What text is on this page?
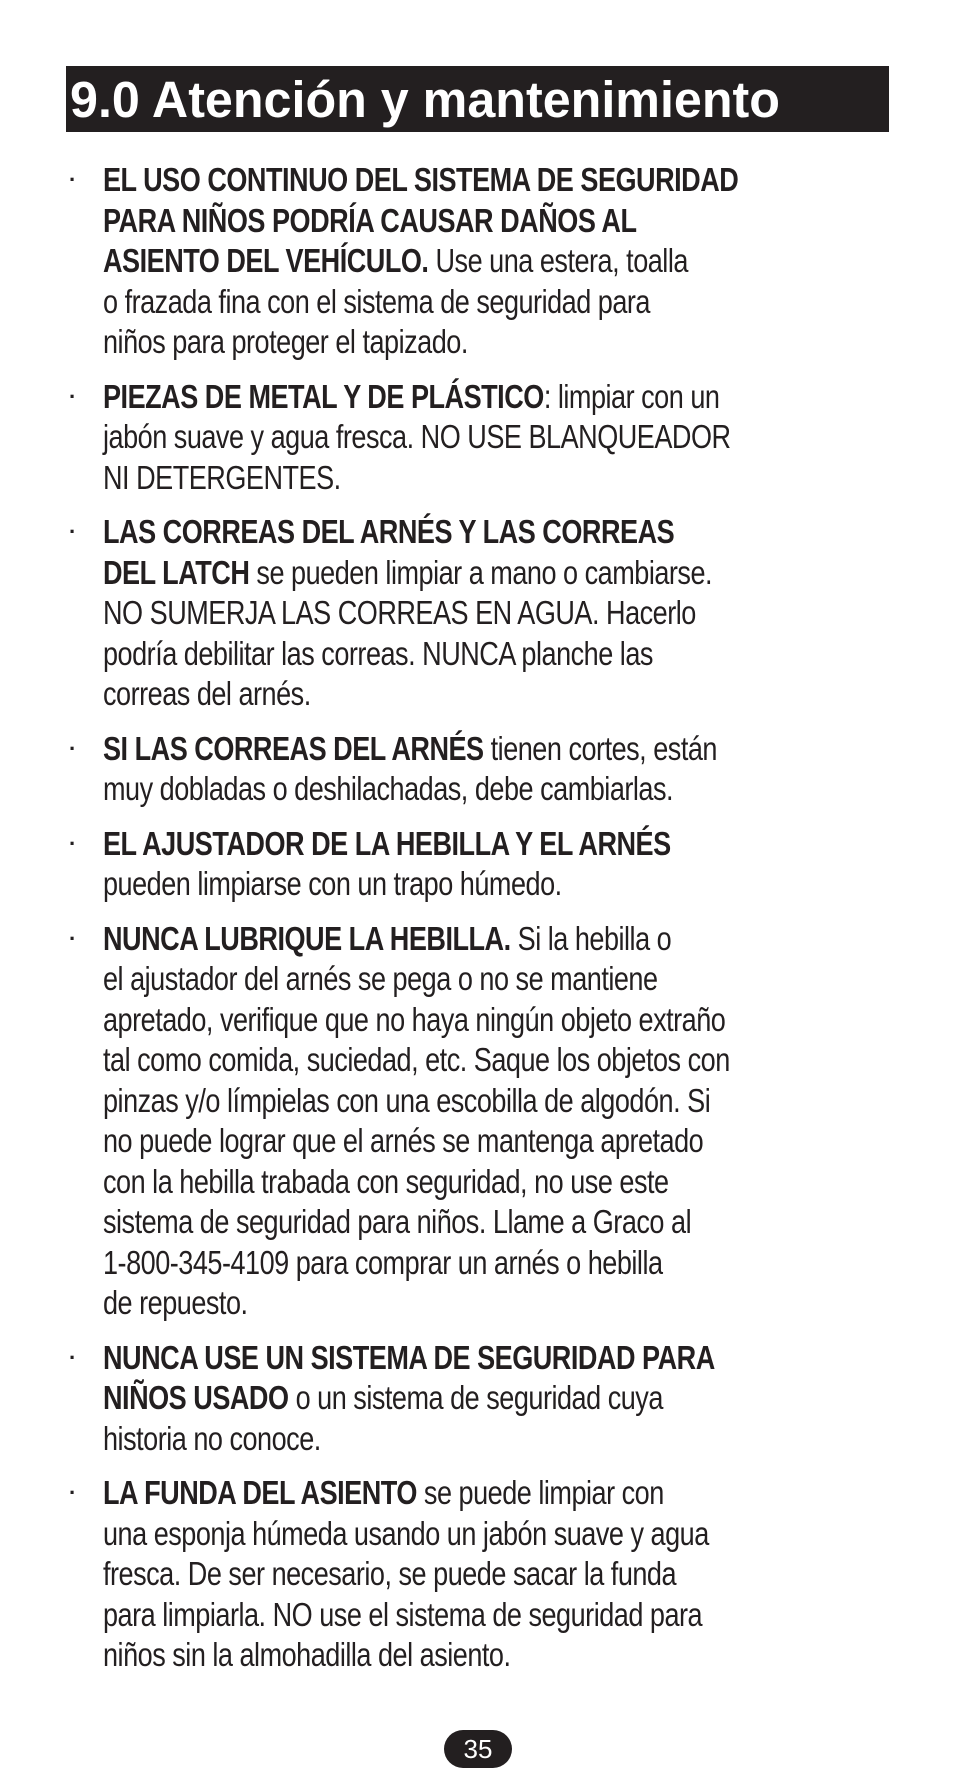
9.0 Atención y mantenimiento
· EL USO CONTINUO DEL SISTEMA DE SEGURIDAD
PARA NIÑOS PODRÍA CAUSAR DAÑOS AL
ASIENTO DEL VEHÍCULO. Use una estera, toalla
o frazada fina con el sistema de seguridad para
niños para proteger el tapizado.
· PIEZAS DE METAL Y DE PLÁSTICO: limpiar con un
jabón suave y agua fresca. NO USE BLANQUEADOR
NI DETERGENTES.
· LAS CORREAS DEL ARNÉS Y LAS CORREAS
DEL LATCH se pueden limpiar a mano o cambiarse.
NO SUMERJA LAS CORREAS EN AGUA. Hacerlo
podría debilitar las correas. NUNCA planche las
correas del arnés.
· SI LAS CORREAS DEL ARNÉS tienen cortes, están
muy dobladas o deshilachadas, debe cambiarlas.
· EL AJUSTADOR DE LA HEBILLA Y EL ARNÉS
pueden limpiarse con un trapo húmedo.
· NUNCA LUBRIQUE LA HEBILLA. Si la hebilla o
el ajustador del arnés se pega o no se mantiene
apretado, verifique que no haya ningún objeto extraño
tal como comida, suciedad, etc. Saque los objetos con
pinzas y/o límpielas con una escobilla de algodón. Si
no puede lograr que el arnés se mantenga apretado
con la hebilla trabada con seguridad, no use este
sistema de seguridad para niños. Llame a Graco al
1-800-345-4109 para comprar un arnés o hebilla
de repuesto.
· NUNCA USE UN SISTEMA DE SEGURIDAD PARA
NIÑOS USADO o un sistema de seguridad cuya
historia no conoce.
· LA FUNDA DEL ASIENTO se puede limpiar con
una esponja húmeda usando un jabón suave y agua
fresca. De ser necesario, se puede sacar la funda
para limpiarla. NO use el sistema de seguridad para
niños sin la almohadilla del asiento.
35
